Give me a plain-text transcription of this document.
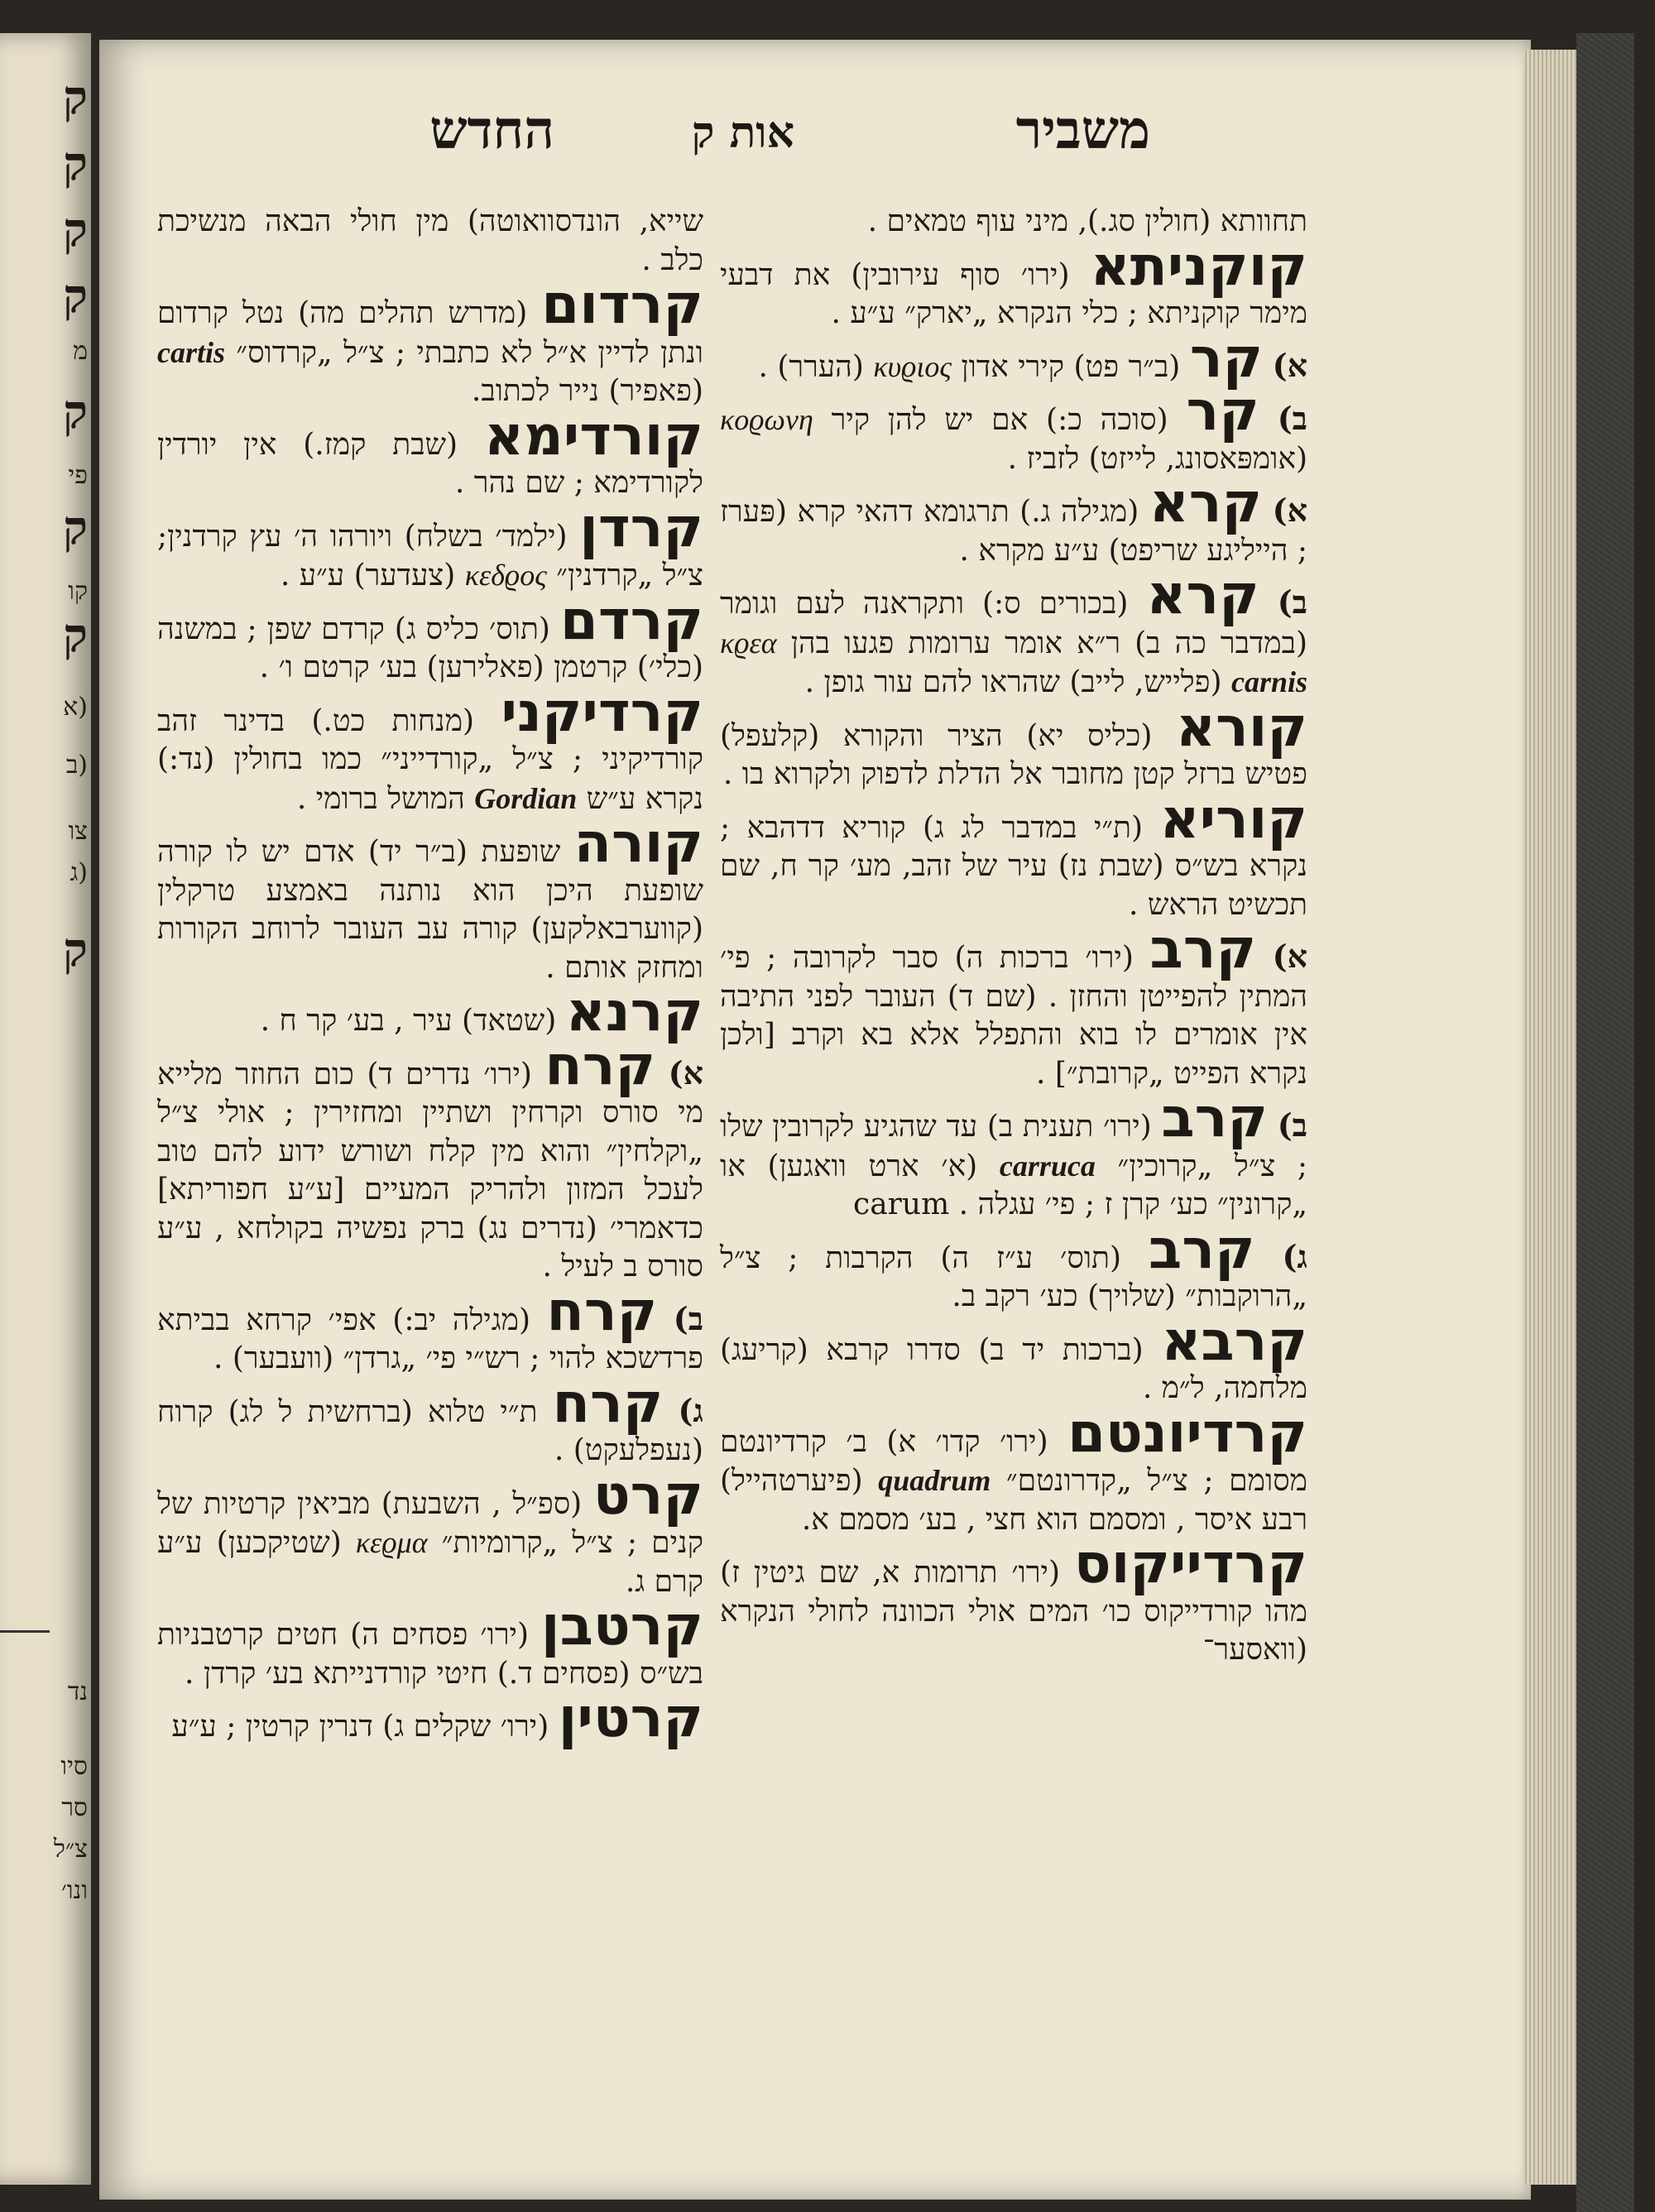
ק
ק
ק
ק
מ
ק
פי
ק
קו
ק
א)
ב)
צו
ג)
ק
נד
סיו
סר
צ״ל
ונו׳
משביר
אות ק
החדש

תחוותא (חולין סג.), מיני עוף טמאים .

קוקניתא (ירו׳ סוף עירובין) את דבעי מימר קוקניתא ; כלי הנקרא „יארק״ ע״ע .

א) קר (ב״ר פט) קירי אדון κυϱιος (הערר) .

ב) קר (סוכה כ:) אם יש להן קיר κοϱωνη (אומפּאסונג, לייזט) לזביז .

א) קרא (מגילה ג.) תרגומא דהאי קרא (פּערז ; הייליגע שריפט) ע״ע מקרא .

ב) קרא (בכורים ס:) ותקראנה לעם וגומר (במדבר כה ב) ר״א אומר ערומות פגעו בהן κϱεα carnis (פלייש, לייב) שהראו להם עור גופן .

קורא (כליס יא) הציר והקורא (קלעפל) פטיש ברזל קטן מחובר אל הדלת לדפוק ולקרוא בו .

קוריא (ת״י במדבר לג ג) קוריא דדהבא ; נקרא בש״ס (שבת נז) עיר של זהב, מע׳ קר ח, שם תכשיט הראש .

א) קרב (ירו׳ ברכות ה) סבר לקרובה ; פי׳ המתין להפייטן והחזן . (שם ד) העובר לפני התיבה אין אומרים לו בוא והתפלל אלא בא וקרב [ולכן נקרא הפייט „קרובת״] .

ב) קרב (ירו׳ תענית ב) עד שהגיע לקרובין שלו ; צ״ל „קרוכין״ carruca (א׳ ארט וואגען) או „קרונין״ כע׳ קרן ז ; פי׳ עגלה . carum

ג) קרב (תוס׳ ע״ז ה) הקרבות ; צ״ל „הרוקבות״ (שלויך) כע׳ רקב ב.

קרבא (ברכות יד ב) סדרו קרבא (קריעג) מלחמה, ל״מ .

קרדיונטם (ירו׳ קדו׳ א) ב׳ קרדיונטם מסומם ; צ״ל „קדרונטם״ quadrum (פיערטהייל) רבע איסר , ומסמם הוא חצי , בע׳ מסמם א.

קרדייקוס (ירו׳ תרומות א, שם גיטין ז) מהו קורדייקוס כו׳ המים אולי הכוונה לחולי הנקרא (וואסער־

שייא, הונדסוואוטה) מין חולי הבאה מנשיכת כלב .

קרדום (מדרש תהלים מה) נטל קרדום ונתן לדיין א״ל לא כתבתי ; צ״ל „קרדוס״ cartis (פאפיר) נייר לכתוב.

קורדימא (שבת קמז.) אין יורדין לקורדימא ; שם נהר .

קרדן (ילמד׳ בשלח) ויורהו ה׳ עץ קרדנין; צ״ל „קרדנין״ κεδϱος (צעדער) ע״ע .

קרדם (תוס׳ כליס ג) קרדם שפן ; במשנה (כלי׳) קרטמן (פאלירען) בע׳ קרטם ו׳ .

קרדיקני (מנחות כט.) בדינר זהב קורדיקיני ; צ״ל „קורדייני״ כמו בחולין (נד:) נקרא ע״ש Gordian המושל ברומי .

קורה שופעת (ב״ר יד) אדם יש לו קורה שופעת היכן הוא נותנה באמצע טרקלין (קווערבאלקען) קורה עב העובר לרוחב הקורות ומחזק אותם .

קרנא (שטאד) עיר , בע׳ קר ח .

א) קרח (ירו׳ נדרים ד) כום החוזר מלייא מי סורס וקרחין ושתיין ומחזירין ; אולי צ״ל „וקלחין״ והוא מין קלח ושורש ידוע להם טוב לעכל המזון ולהריק המעיים [ע״ע חפוריתא] כדאמרי׳ (נדרים נג) ברק נפשיה בקולחא , ע״ע סורס ב לעיל .

ב) קרח (מגילה יב:) אפי׳ קרחא בביתא פרדשכא להוי ; רש״י פי׳ „גרדן״ (וועבער) .

ג) קרח ת״י טלוא (ברחשית ל לג) קרוח (נעפלעקט) .

קרט (ספ״ל , השבעת) מביאין קרטיות של קנים ; צ״ל „קרומיות״ κεϱμα (שטיקכען) ע״ע קרם ג.

קרטבן (ירו׳ פסחים ה) חטים קרטבניות בש״ס (פסחים ד.) חיטי קורדנייתא בע׳ קרדן .

קרטין (ירו׳ שקלים ג) דנרין קרטין ; ע״ע
